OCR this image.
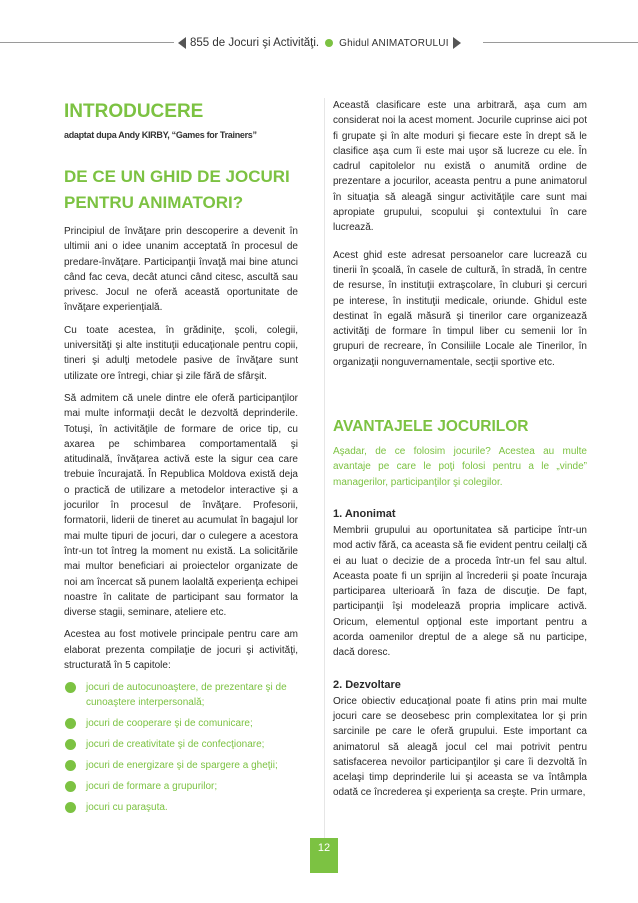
855 de Jocuri şi Activităţi. Ghidul ANIMATORULUI
INTRODUCERE
adaptat dupa Andy KIRBY, “Games for Trainers”
DE CE UN GHID DE JOCURI PENTRU ANIMATORI?

Principiul de învăţare prin descoperire a devenit în ultimii ani o idee unanim acceptată în procesul de predare-învăţare. Participanţii învaţă mai bine atunci când fac ceva, decât atunci când citesc, ascultă sau privesc. Jocul ne oferă această oportunitate de învăţare experienţială.

Cu toate acestea, în grădiniţe, şcoli, colegii, universităţi şi alte instituţii educaţionale pentru copii, tineri şi adulţi metodele pasive de învăţare sunt utilizate ore întregi, chiar şi zile fără de sfârşit.

Să admitem că unele dintre ele oferă participanţilor mai multe informaţii decât le dezvoltă deprinderile. Totuşi, în activităţile de formare de orice tip, cu axarea pe schimbarea comportamentală şi atitudinală, învăţarea activă este la sigur cea care trebuie încurajată. În Republica Moldova există deja o practică de utilizare a metodelor interactive şi a jocurilor în procesul de învăţare. Profesorii, formatorii, liderii de tineret au acumulat în bagajul lor mai multe tipuri de jocuri, dar o culegere a acestora într-un tot întreg la moment nu există. La solicitările mai multor beneficiari ai proiectelor organizate de noi am încercat să punem laolaltă experienţa echipei noastre în calitate de participant sau formator la diverse stagii, seminare, ateliere etc.

Acestea au fost motivele principale pentru care am elaborat prezenta compilaţie de jocuri şi activităţi, structurată în 5 capitole:

jocuri de autocunoaştere, de prezentare şi de cunoaştere interpersonală;
jocuri de cooperare şi de comunicare;
jocuri de creativitate şi de confecţionare;
jocuri de energizare şi de spargere a gheţii;
jocuri de formare a grupurilor;
jocuri cu paraşuta.

Această clasificare este una arbitrară, aşa cum am considerat noi la acest moment. Jocurile cuprinse aici pot fi grupate şi în alte moduri şi fiecare este în drept să le clasifice aşa cum îi este mai uşor să lucreze cu ele. În cadrul capitolelor nu există o anumită ordine de prezentare a jocurilor, aceasta pentru a pune animatorul în situaţia să aleagă singur activităţile care sunt mai apropiate grupului, scopului şi contextului în care lucrează.

Acest ghid este adresat persoanelor care lucrează cu tinerii în şcoală, în casele de cultură, în stradă, în centre de resurse, în instituţii extraşcolare, în cluburi şi cercuri pe interese, în instituţii medicale, oriunde. Ghidul este destinat în egală măsură şi tinerilor care organizează activităţi de formare în timpul liber cu semenii lor în grupuri de recreare, în Consiliile Locale ale Tinerilor, în organizaţii nonguvernamentale, secţii sportive etc.

AVANTAJELE JOCURILOR

Aşadar, de ce folosim jocurile? Acestea au multe avantaje pe care le poţi folosi pentru a le „vinde” managerilor, participanţilor şi colegilor.

1. Anonimat

Membrii grupului au oportunitatea să participe într-un mod activ fără, ca aceasta să fie evident pentru ceilalţi că ei au luat o decizie de a proceda într-un fel sau altul. Aceasta poate fi un sprijin al încrederii şi poate încuraja participarea ulterioară în faza de discuţie. De fapt, participanţii îşi modelează propria implicare activă. Oricum, elementul opţional este important pentru a acorda oamenilor dreptul de a alege să nu participe, dacă doresc.

2. Dezvoltare

Orice obiectiv educaţional poate fi atins prin mai multe jocuri care se deosebesc prin complexitatea lor şi prin sarcinile pe care le oferă grupului. Este important ca animatorul să aleagă jocul cel mai potrivit pentru satisfacerea nevoilor participanţilor şi care îi dezvoltă în acelaşi timp deprinderile lui şi aceasta se va întâmpla odată ce încrederea şi experienţa sa creşte. Prin urmare,

12
